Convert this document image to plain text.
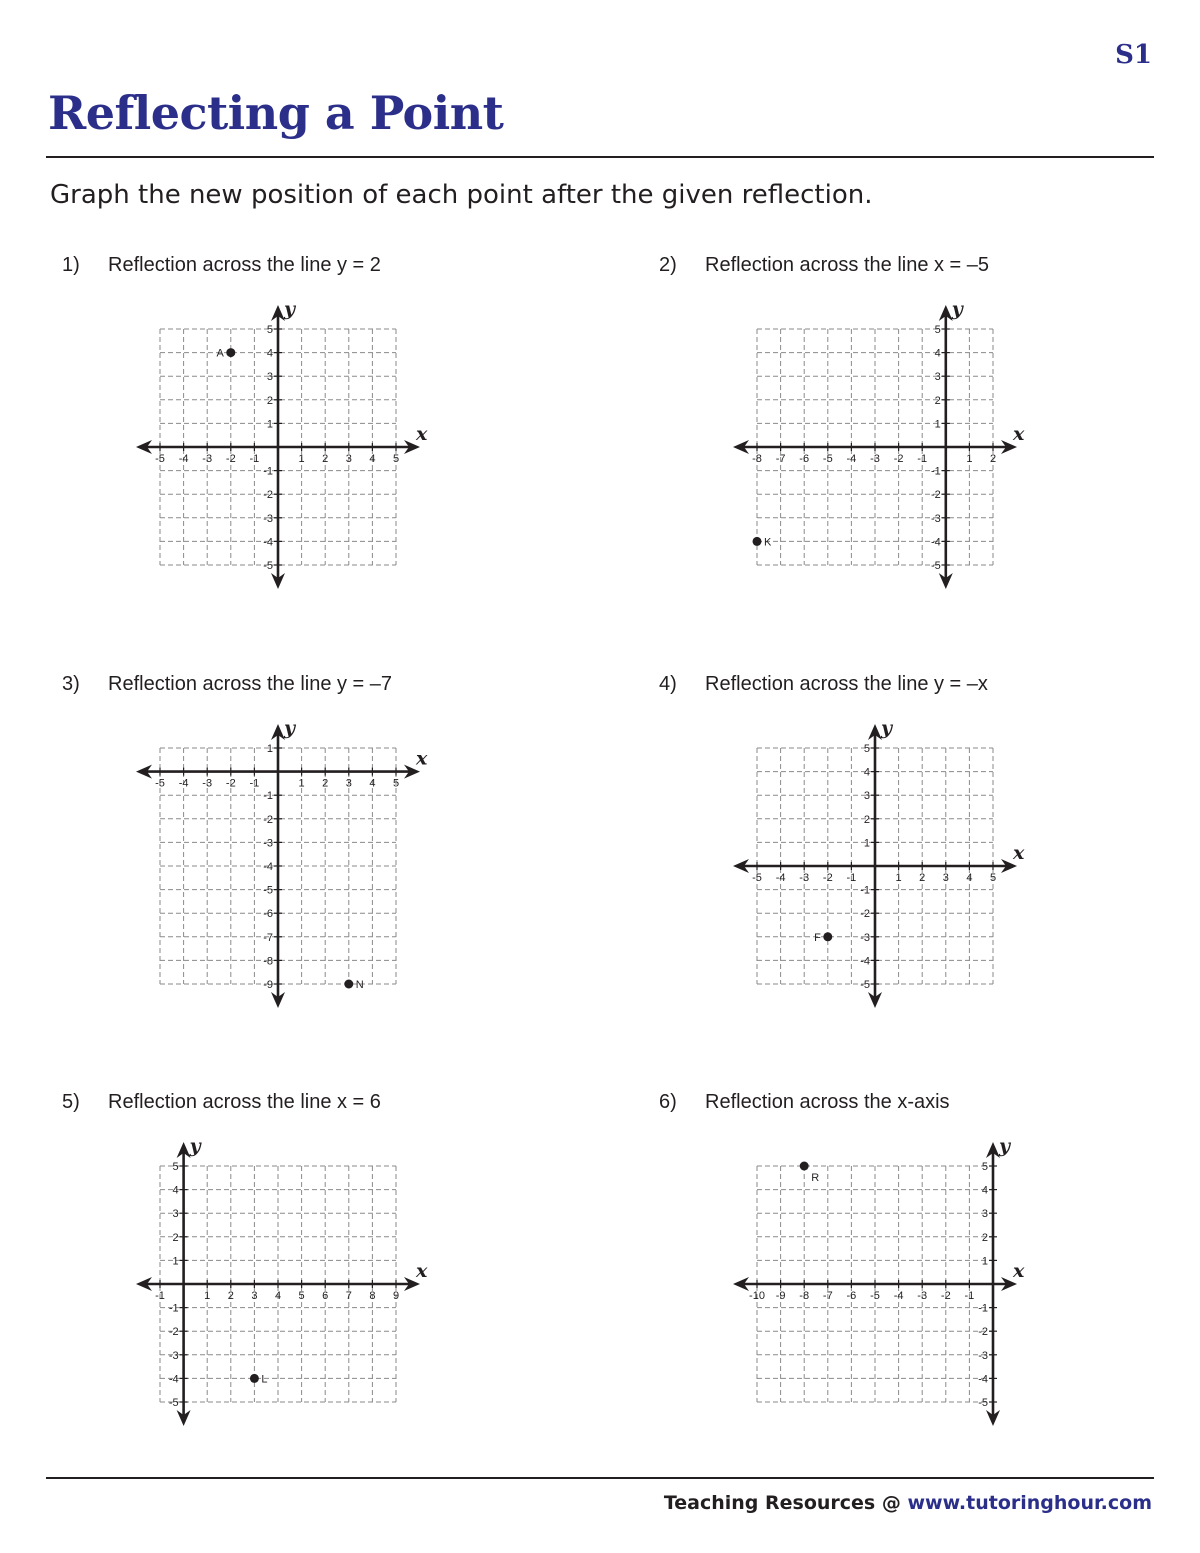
S1
Reflecting a Point

Graph the new position of each point after the given reflection.

1)	Reflection across the line y = 2
x
y
-5 -4 -3 -2 -1	1 2 3 4 5
-5
-4
-3
-2
-1
1
2
3
4
5
A
2)	Reflection across the line x = –5
x
y
-8 -7 -6 -5 -4 -3 -2 -1	1 2
-5
-4
-3
-2
-1
1
2
3
4
5
K
3)	Reflection across the line y = –7
x
y
-5 -4 -3 -2 -1	1 2 3 4 5
-9
-8
-7
-6
-5
-4
-3
-2
-1
1
N
4)	Reflection across the line y = –x
x
y
-5 -4 -3 -2 -1	1 2 3 4 5
-5
-4
-3
-2
-1
1
2
3
4
5
F
5)	Reflection across the line x = 6
x
y
-1	1 2 3 4 5 6 7 8 9
-5
-4
-3
-2
-1
1
2
3
4
5
L
6)	Reflection across the x-axis
x
y
-10 -9 -8 -7 -6 -5 -4 -3 -2 -1
-5
-4
-3
-2
-1
1
2
3
4
5
R

Teaching Resources @ www.tutoringhour.com
